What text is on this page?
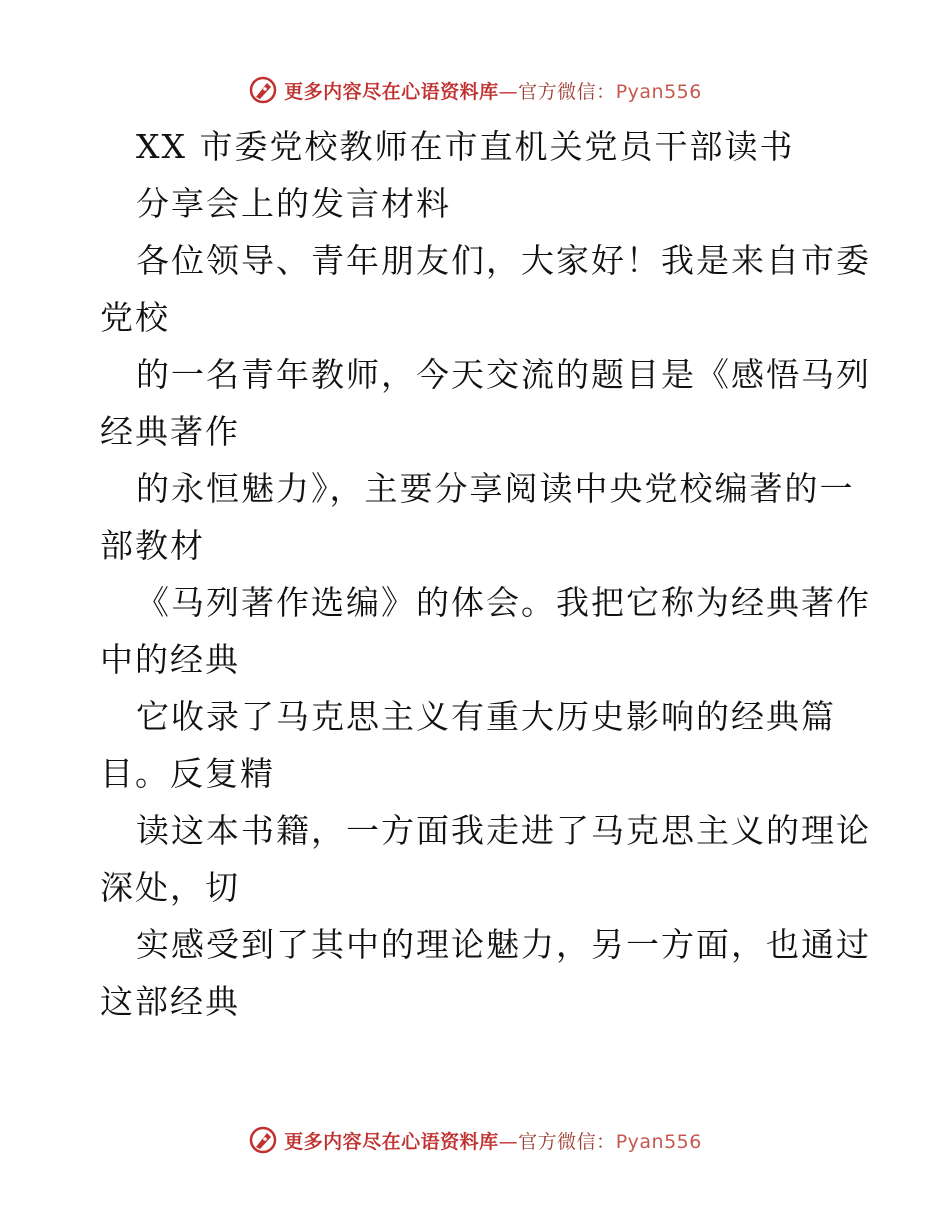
更多内容尽在心语资料库—官方微信：Pyan556
XX 市委党校教师在市直机关党员干部读书
分享会上的发言材料
各位领导、青年朋友们，大家好！我是来自市委
党校
的一名青年教师，今天交流的题目是《感悟马列
经典著作
的永恒魅力》，主要分享阅读中央党校编著的一
部教材
《马列著作选编》的体会。我把它称为经典著作
中的经典
它收录了马克思主义有重大历史影响的经典篇
目。反复精
读这本书籍，一方面我走进了马克思主义的理论
深处，切
实感受到了其中的理论魅力，另一方面，也通过
这部经典
更多内容尽在心语资料库—官方微信：Pyan556
